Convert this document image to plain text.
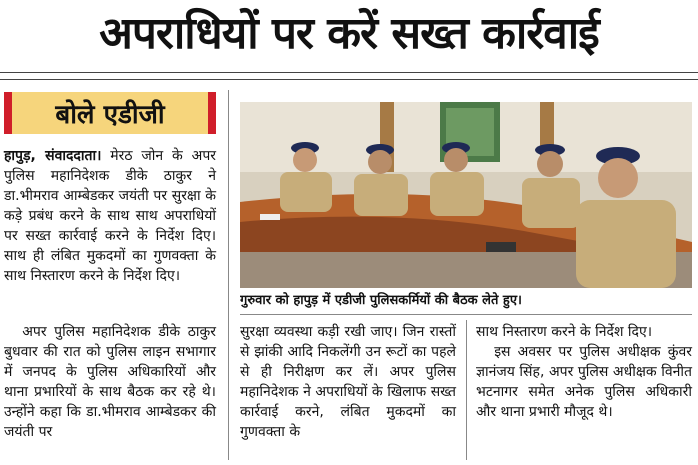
अपराधियों पर करें सख्त कार्रवाई
बोले एडीजी

हापुड़, संवाददाता। मेरठ जोन के अपर पुलिस महानिदेशक डीके ठाकुर ने डा.भीमराव आम्बेडकर जयंती पर सुरक्षा के कड़े प्रबंध करने के साथ साथ अपराधियों पर सख्त कार्रवाई करने के निर्देश दिए। साथ ही लंबित मुकदमों का गुणवक्ता के साथ निस्तारण करने के निर्देश दिए।

गुरुवार को हापुड़ में एडीजी पुलिसकर्मियों की बैठक लेते हुए।

अपर पुलिस महानिदेशक डीके ठाकुर बुधवार की रात को पुलिस लाइन सभागार में जनपद के पुलिस अधिकारियों और थाना प्रभारियों के साथ बैठक कर रहे थे। उन्होंने कहा कि डा.भीमराव आम्बेडकर की जयंती पर

सुरक्षा व्यवस्था कड़ी रखी जाए। जिन रास्तों से झांकी आदि निकलेंगी उन रूटों का पहले से ही निरीक्षण कर लें। अपर पुलिस महानिदेशक ने अपराधियों के खिलाफ सख्त कार्रवाई करने, लंबित मुकदमों का गुणवक्ता के

साथ निस्तारण करने के निर्देश दिए।

इस अवसर पर पुलिस अधीक्षक कुंवर ज्ञानंजय सिंह, अपर पुलिस अधीक्षक विनीत भटनागर समेत अनेक पुलिस अधिकारी और थाना प्रभारी मौजूद थे।
